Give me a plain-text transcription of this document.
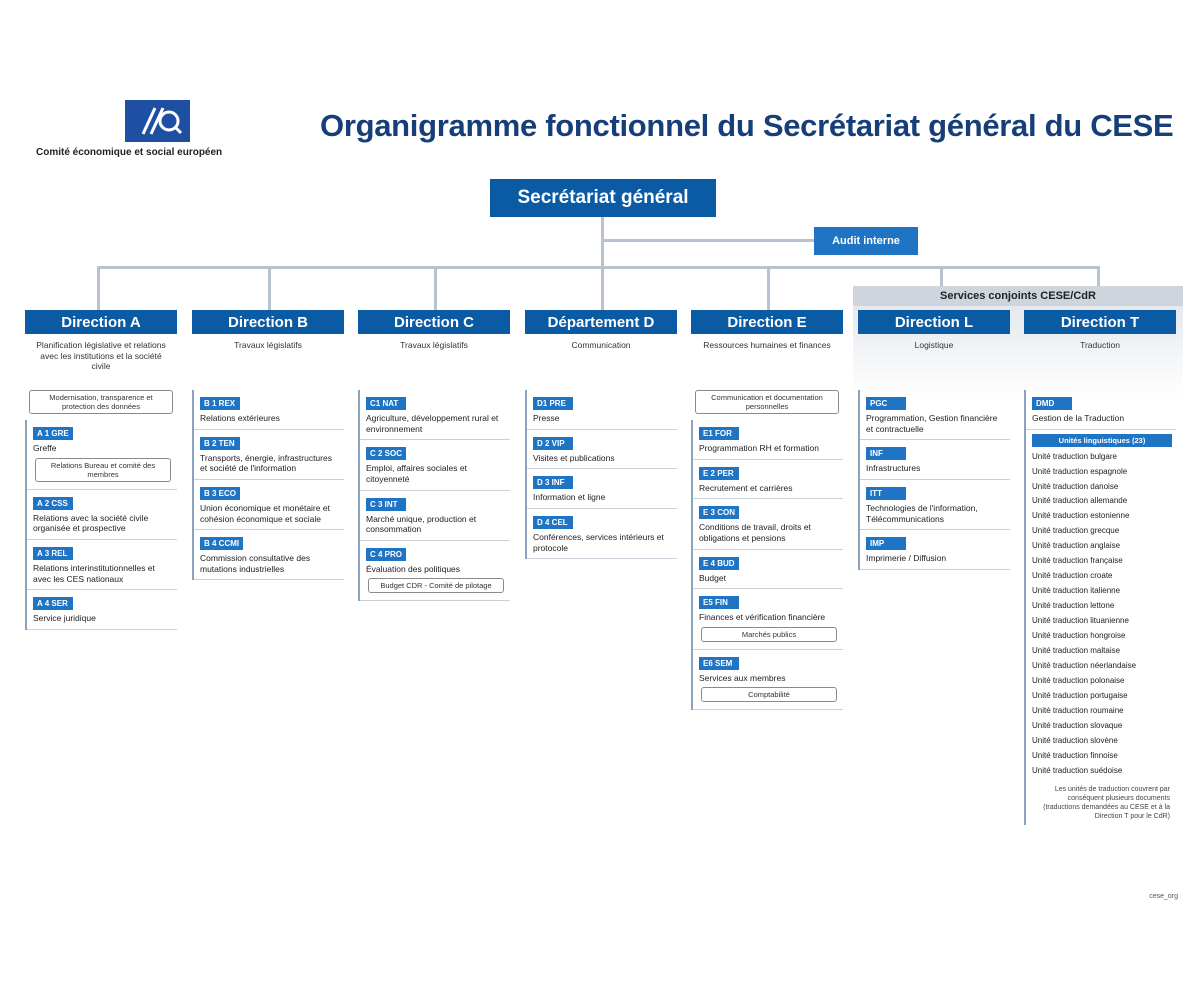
Comité économique et social européen
Organigramme fonctionnel du Secrétariat général du CESE
Secrétariat général
Audit interne
Services conjoints CESE/CdR
Direction A
Planification législative et relations avec les institutions et la société civile
Modernisation, transparence et protection des données
A 1 GRE
Greffe
Relations Bureau et comité des membres
A 2 CSS
Relations avec la société civile organisée et prospective
A 3 REL
Relations interinstitutionnelles et avec les CES nationaux
A 4 SER
Service juridique
Direction B
Travaux législatifs
B 1 REX
Relations extérieures
B 2 TEN
Transports, énergie, infrastructures et société de l'information
B 3 ECO
Union économique et monétaire et cohésion économique et sociale
B 4 CCMI
Commission consultative des mutations industrielles
Direction C
Travaux législatifs
C1 NAT
Agriculture, développement rural et environnement
C 2 SOC
Emploi, affaires sociales et citoyenneté
C 3 INT
Marché unique, production et consommation
C 4 PRO
Évaluation des politiques
Budget CDR - Comité de pilotage
Département D
Communication
D1 PRE
Presse
D 2 VIP
Visites et publications
D 3 INF
Information et ligne
D 4 CEL
Conférences, services intérieurs et protocole
Direction E
Ressources humaines et finances
Communication et documentation personnelles
E1 FOR
Programmation RH et formation
E 2 PER
Recrutement et carrières
E 3 CON
Conditions de travail, droits et obligations et pensions
E 4 BUD
Budget
E5 FIN
Finances et vérification financière
Marchés publics
E6 SEM
Services aux membres
Comptabilité
Direction L
Logistique
PGC
Programmation, Gestion financière et contractuelle
INF
Infrastructures
ITT
Technologies de l'information, Télécommunications
IMP
Imprimerie / Diffusion
Direction T
Traduction
DMD
Gestion de la Traduction
Unités linguistiques (23)
Unité traduction bulgare
Unité traduction espagnole
Unité traduction danoise
Unité traduction allemande
Unité traduction estonienne
Unité traduction grecque
Unité traduction anglaise
Unité traduction française
Unité traduction croate
Unité traduction italienne
Unité traduction lettone
Unité traduction lituanienne
Unité traduction hongroise
Unité traduction maltaise
Unité traduction néerlandaise
Unité traduction polonaise
Unité traduction portugaise
Unité traduction roumaine
Unité traduction slovaque
Unité traduction slovène
Unité traduction finnoise
Unité traduction suédoise
Les unités de traduction couvrent par conséquent plusieurs documents (traductions demandées au CESE et à la Direction T pour le CdR)
cese_org
